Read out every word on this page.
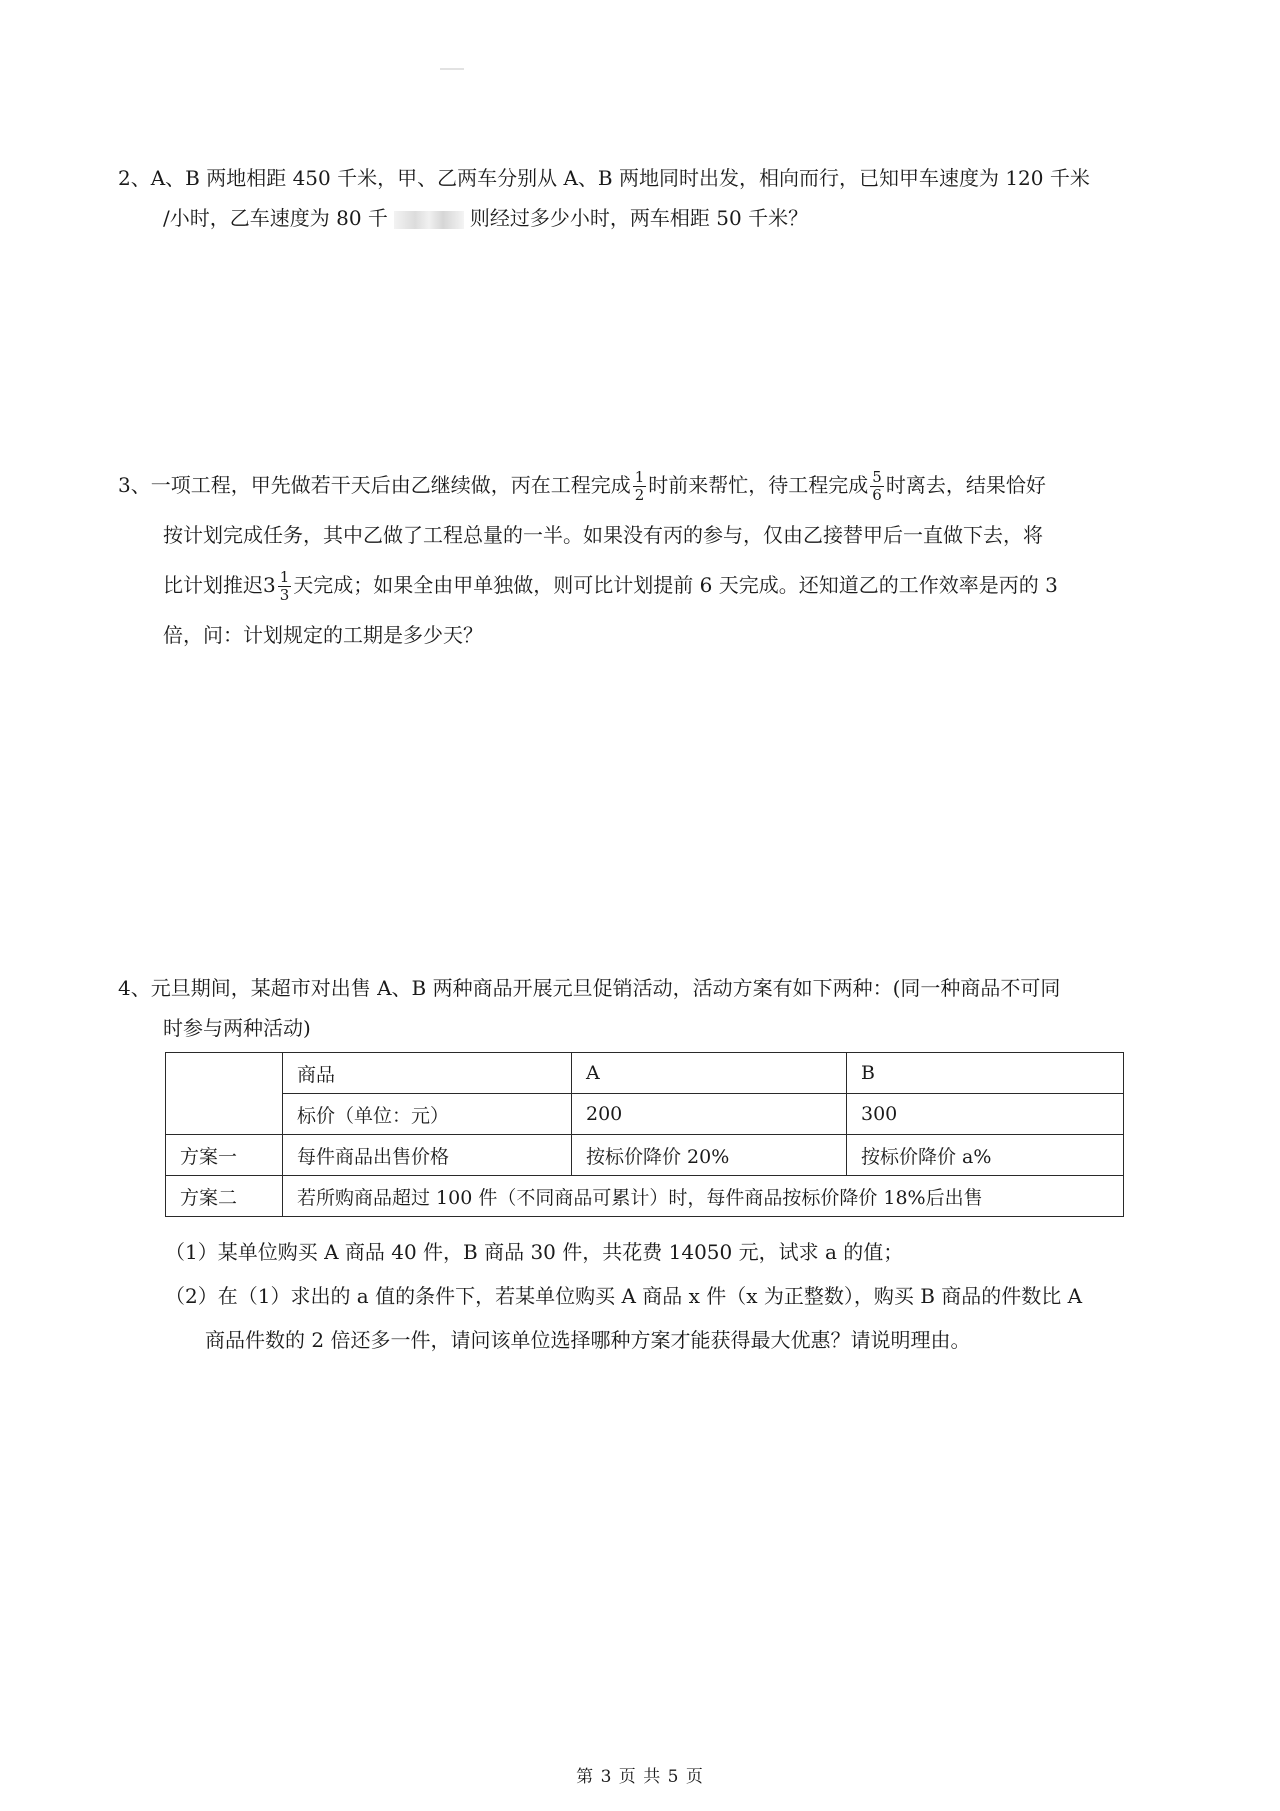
2、A、B 两地相距 450 千米，甲、乙两车分别从 A、B 两地同时出发，相向而行，已知甲车速度为 120 千米
/小时，乙车速度为 80 千	则经过多少小时，两车相距 50 千米？
3、一项工程，甲先做若干天后由乙继续做，丙在工程完成 $\frac{1}{2}$ 时前来帮忙，待工程完成 $\frac{5}{6}$ 时离去，结果恰好
按计划完成任务，其中乙做了工程总量的一半。如果没有丙的参与，仅由乙接替甲后一直做下去，将
比计划推迟$3 \frac{1}{3}$ 天完成；如果全由甲单独做，则可比计划提前 6 天完成。还知道乙的工作效率是丙的 3
倍，问：计划规定的工期是多少天？
4、元旦期间，某超市对出售 A、B 两种商品开展元旦促销活动，活动方案有如下两种：(同一种商品不可同
时参与两种活动)
	商品	A	B
	标价（单位：元）	200	300
方案一	每件商品出售价格	按标价降价 20%	按标价降价 a%
方案二	若所购商品超过 100 件（不同商品可累计）时，每件商品按标价降价 18%后出售		
（1）某单位购买 A 商品 40 件，B 商品 30 件，共花费 14050 元，试求 a 的值；
（2）在（1）求出的 a 值的条件下，若某单位购买 A 商品 x 件（x 为正整数），购买 B 商品的件数比 A
商品件数的 2 倍还多一件，请问该单位选择哪种方案才能获得最大优惠？请说明理由。
第 3 页 共 5 页
